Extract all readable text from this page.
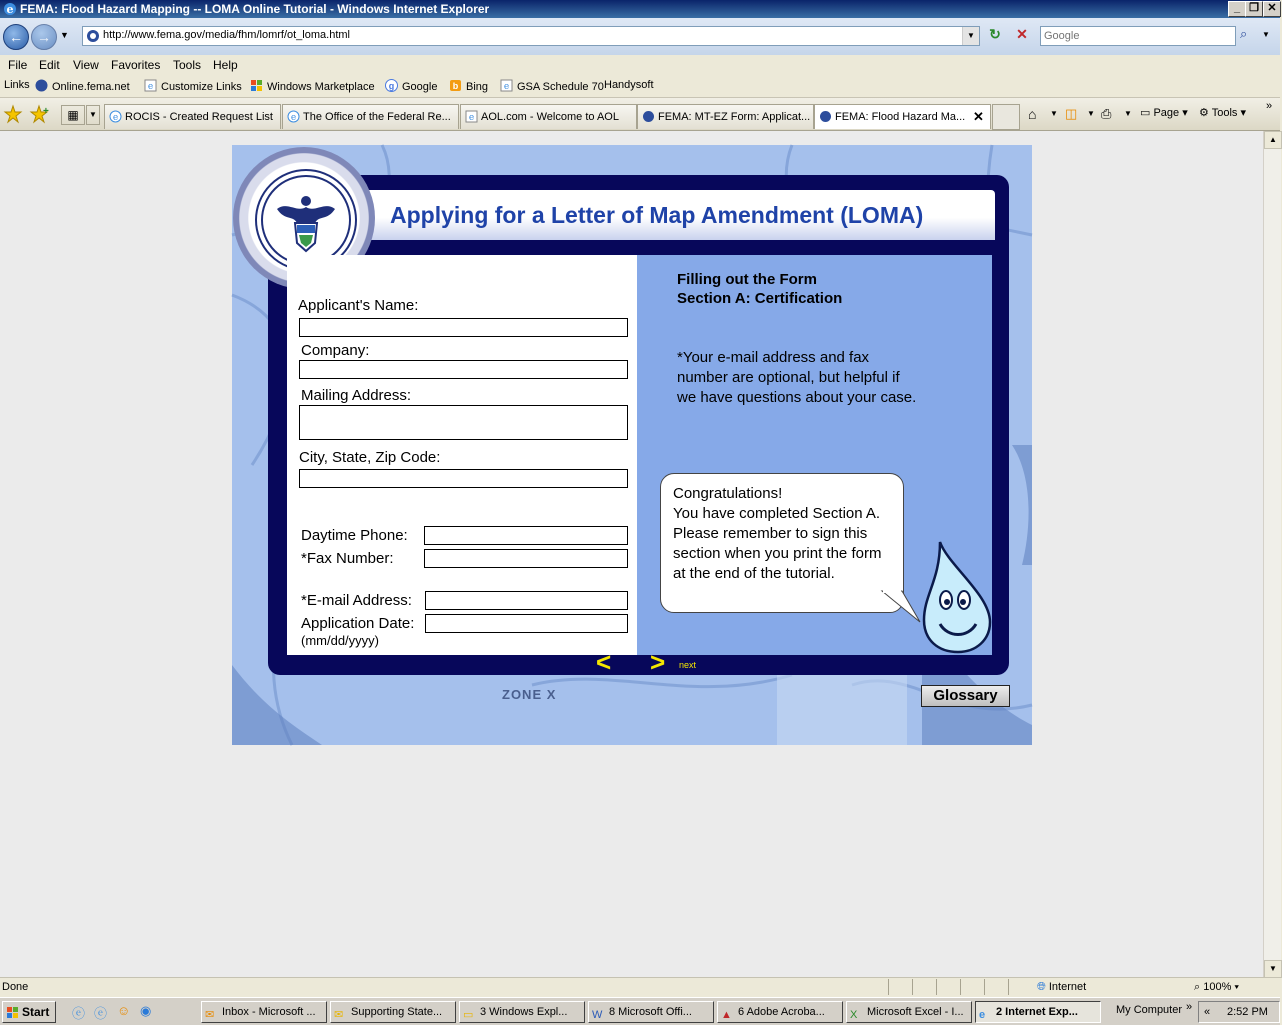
e FEMA: Flood Hazard Mapping -- LOMA Online Tutorial - Windows Internet Explorer	_ ❐ ✕
←	→	▼	http://www.fema.gov/media/fhm/lomrf/ot_loma.html	▼ ↻ ✕
Google	⌕	▼
File Edit View Favorites Tools Help
Links	Online.fema.net e Customize Links	Windows Marketplace g Google b Bing e GSA Schedule 70 Handysoft
+	▦	▼	e ROCIS - Created Request List e The Office of the Federal Re... e AOL.com - Welcome to AOL	FEMA: MT-EZ Form: Applicat... FEMA: Flood Hazard Ma... ✕	⌂ ▼ ◫ ▼ ⎙ ▼ ▭ Page ▾ ⚙ Tools ▾
»
▲
▼
ZONE X
Applying for a Letter of Map Amendment (LOMA)
Applicant's Name:
Company:
Mailing Address:
City, State, Zip Code:
Daytime Phone:
*Fax Number:
*E-mail Address:
Application Date:
(mm/dd/yyyy)
Filling out the Form
Section A: Certification
*Your e-mail address and fax number are optional, but helpful if we have questions about your case.
Congratulations!
You have completed Section A.
Please remember to sign this
section when you print the form
at the end of the tutorial.
< > next
Glossary
Done	🌐︎ Internet	⌕ 100% ▾
Start ⓔ ⓔ ☺ ◉	✉ Inbox - Microsoft ... ✉ Supporting State... ▭ 3 Windows Expl... W 8 Microsoft Offi...	▲ 6 Adobe Acroba... X Microsoft Excel - I... e 2 Internet Exp...	My Computer » « 2:52 PM
